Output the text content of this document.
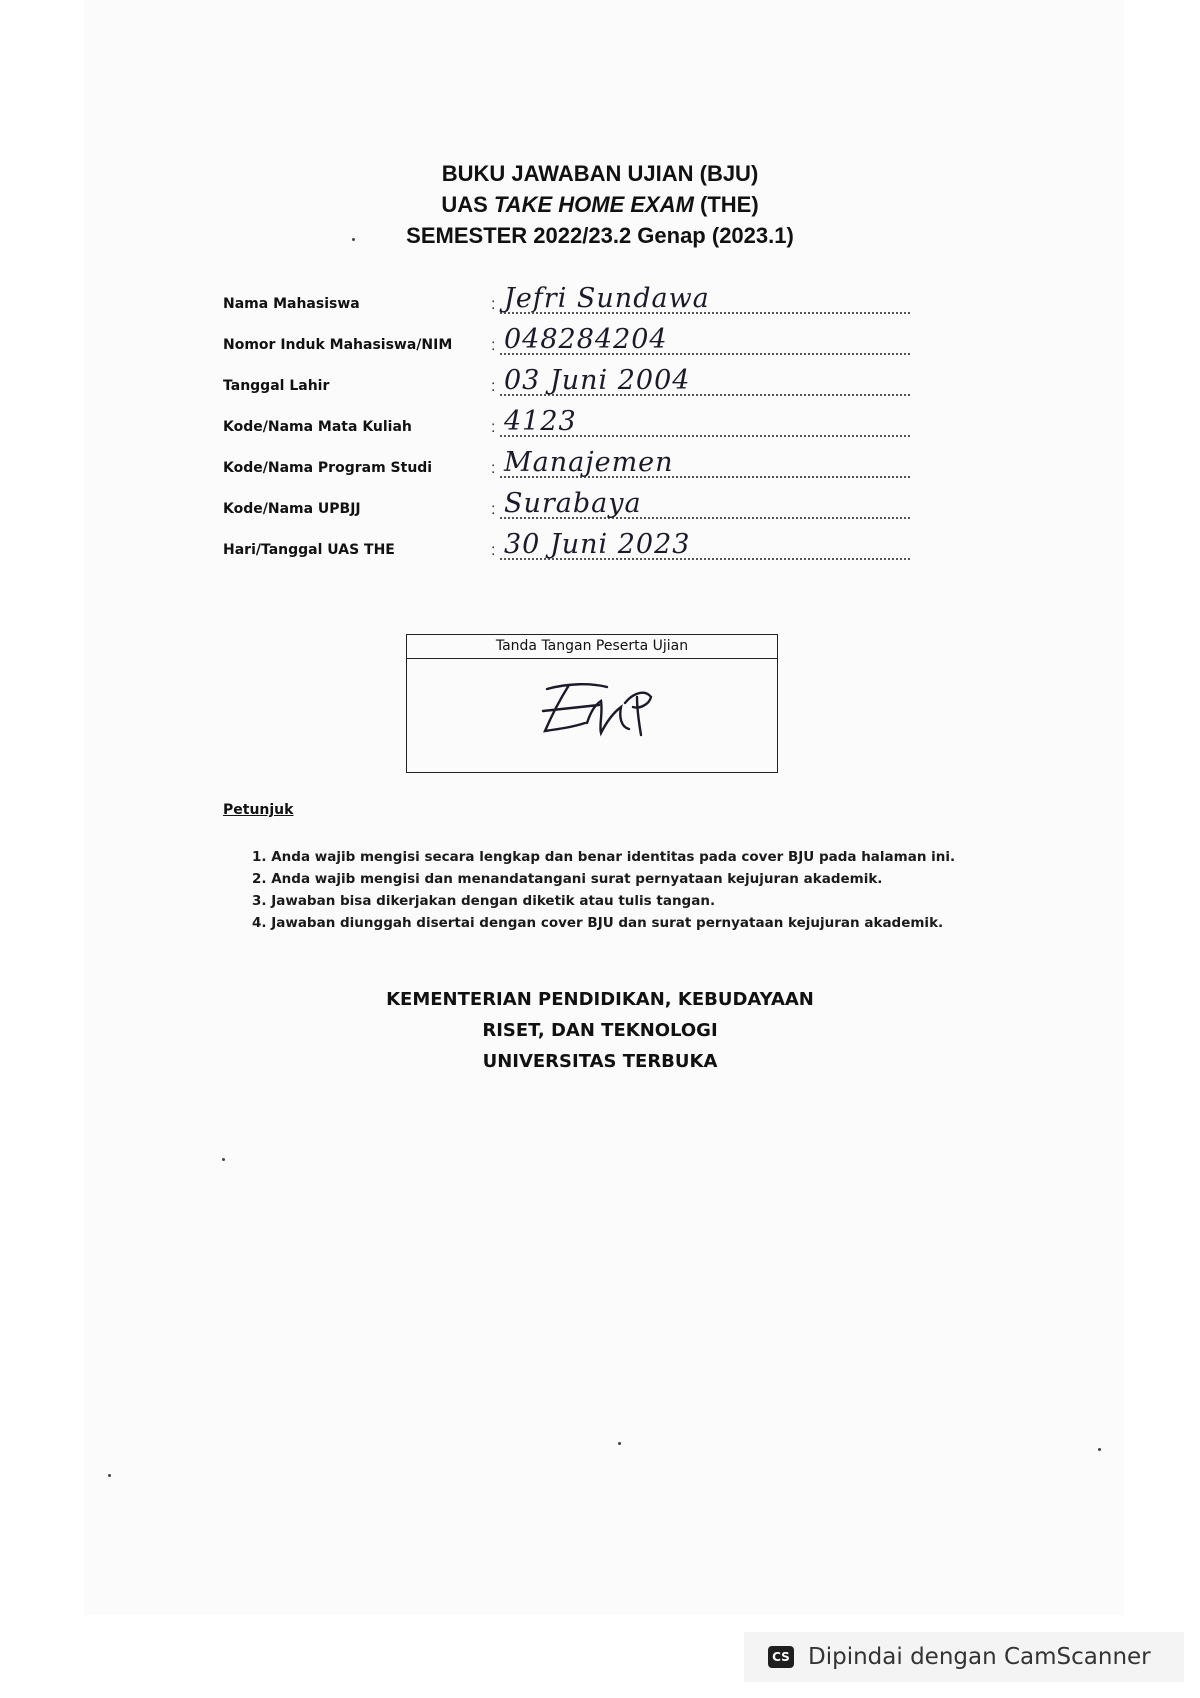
BUKU JAWABAN UJIAN (BJU)
UAS TAKE HOME EXAM (THE)
SEMESTER 2022/23.2 Genap (2023.1)
Nama Mahasiswa	: Jefri Sundawa
Nomor Induk Mahasiswa/NIM : 048284204
Tanggal Lahir	: 03 Juni 2004
Kode/Nama Mata Kuliah	: 4123
Kode/Nama Program Studi	: Manajemen
Kode/Nama UPBJJ	: Surabaya
Hari/Tanggal UAS THE	: 30 Juni 2023
Tanda Tangan Peserta Ujian
Petunjuk
1. Anda wajib mengisi secara lengkap dan benar identitas pada cover BJU pada halaman ini.
2. Anda wajib mengisi dan menandatangani surat pernyataan kejujuran akademik.
3. Jawaban bisa dikerjakan dengan diketik atau tulis tangan.
4. Jawaban diunggah disertai dengan cover BJU dan surat pernyataan kejujuran akademik.
KEMENTERIAN PENDIDIKAN, KEBUDAYAAN
RISET, DAN TEKNOLOGI
UNIVERSITAS TERBUKA
CS Dipindai dengan CamScanner
